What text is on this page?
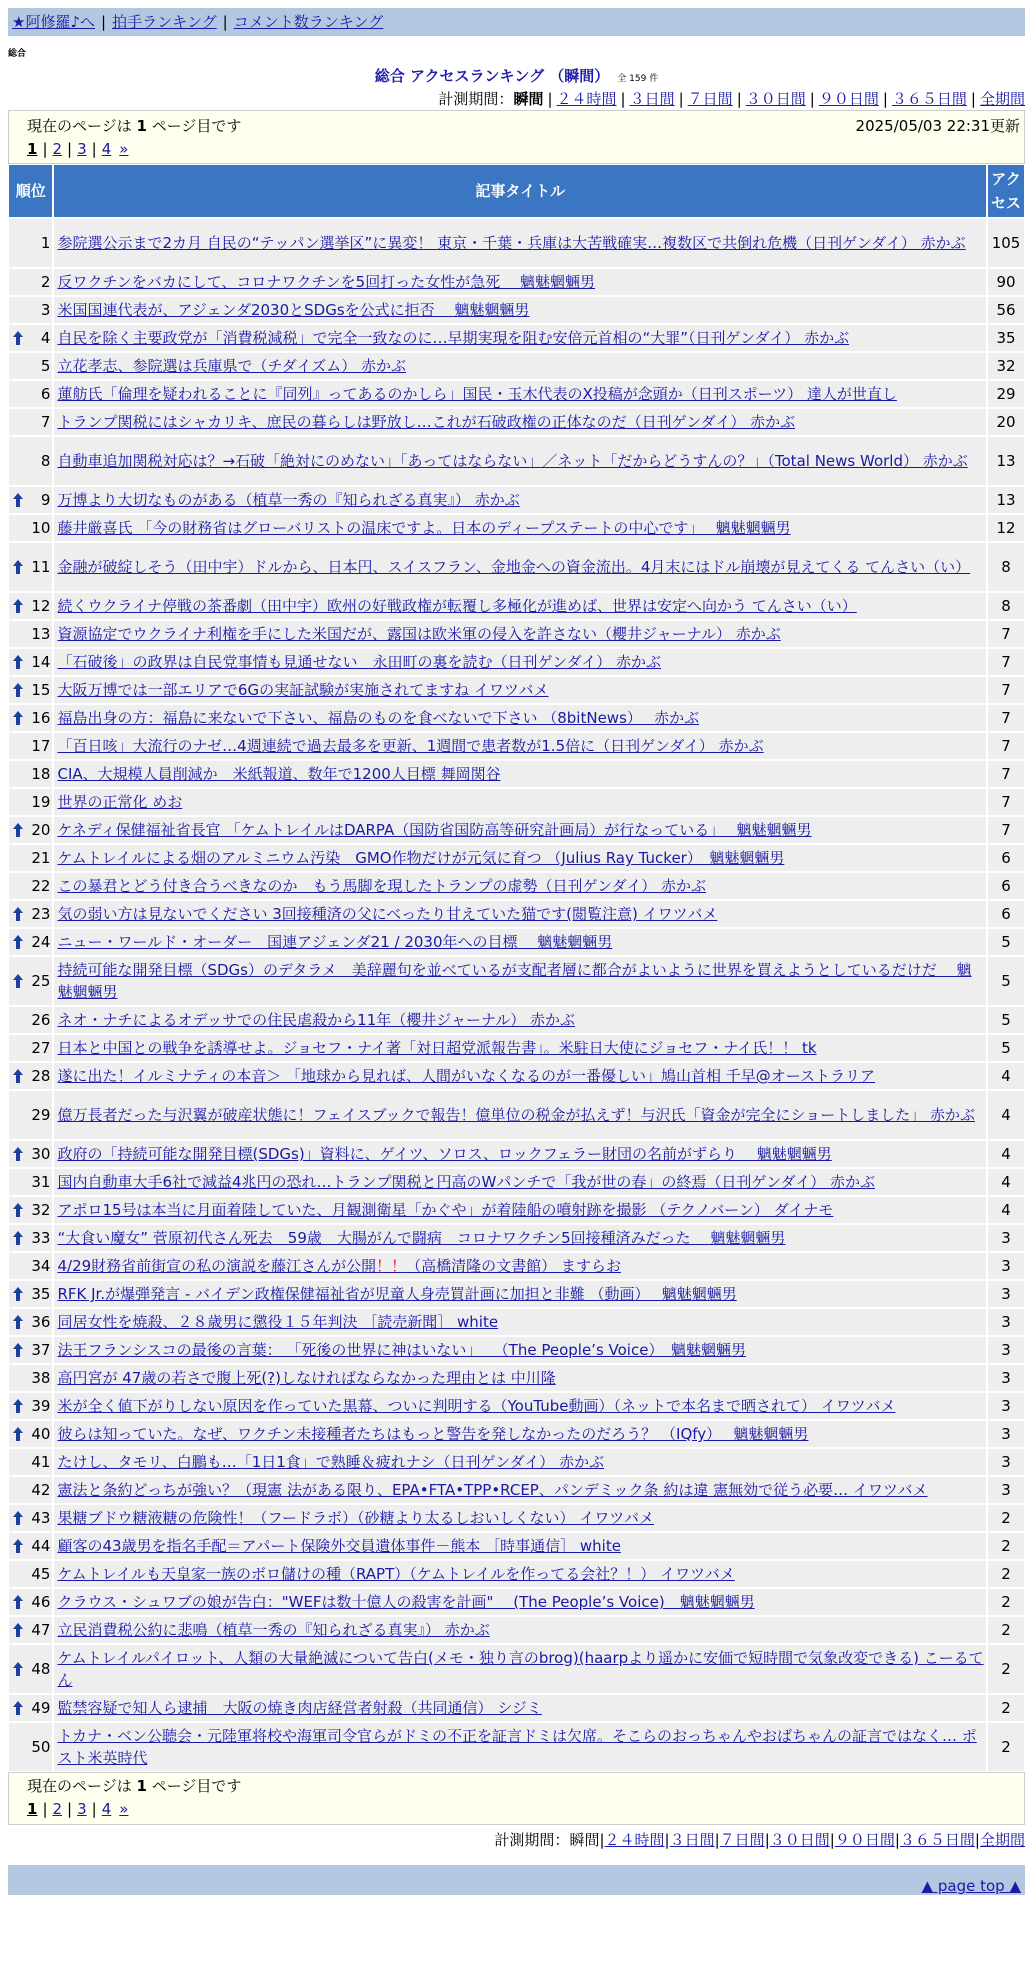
★阿修羅♪へ | 拍手ランキング | コメント数ランキング
総合
総合 アクセスランキング （瞬間） 全 159 件
計測期間：瞬間 | ２４時間 | ３日間 | ７日間 | ３０日間 | ９０日間 | ３６５日間 | 全期間
現在のページは 1 ページ目です	2025/05/03 22:31更新
1 | 2 | 3 | 4 »
順位	記事タイトル	アクセス
1	参院選公示まで2カ月 自民の“テッパン選挙区”に異変！ 東京・千葉・兵庫は大苦戦確実…複数区で共倒れ危機（日刊ゲンダイ） 赤かぶ	105
2	反ワクチンをバカにして、コロナワクチンを5回打った女性が急死　 魑魅魍魎男	90
3	米国国連代表が、アジェンダ2030とSDGsを公式に拒否　 魑魅魍魎男	56

4	自民を除く主要政党が「消費税減税」で完全一致なのに…早期実現を阻む安倍元首相の“大罪”（日刊ゲンダイ） 赤かぶ	35
5	立花孝志、参院選は兵庫県で（チダイズム） 赤かぶ	32
6	蓮舫氏「倫理を疑われることに『同列』ってあるのかしら」国民・玉木代表のX投稿が念頭か（日刊スポーツ） 達人が世直し	29
7	トランプ関税にはシャカリキ、庶民の暮らしは野放し…これが石破政権の正体なのだ（日刊ゲンダイ） 赤かぶ	20
8	自動車追加関税対応は？→石破「絶対にのめない」「あってはならない」／ネット「だからどうすんの？」（Total News World） 赤かぶ	13

9	万博より大切なものがある（植草一秀の『知られざる真実』） 赤かぶ	13
10	藤井厳喜氏 「今の財務省はグローバリストの温床ですよ。日本のディープステートの中心です」　 魑魅魍魎男	12

11	金融が破綻しそう（田中宇）ドルから、日本円、スイスフラン、金地金への資金流出。4月末にはドル崩壊が見えてくる てんさい（い）	8

12	続くウクライナ停戦の茶番劇（田中宇）欧州の好戦政権が転覆し多極化が進めば、世界は安定へ向かう てんさい（い）	8
13	資源協定でウクライナ利権を手にした米国だが、露国は欧米軍の侵入を許さない（櫻井ジャーナル） 赤かぶ	7

14	「石破後」の政界は自民党事情も見通せない　永田町の裏を読む（日刊ゲンダイ） 赤かぶ	7

15	大阪万博では一部エリアで6Gの実証試験が実施されてますね イワツバメ	7

16	福島出身の方：福島に来ないで下さい、福島のものを食べないで下さい （8bitNews）　 赤かぶ	7
17	「百日咳」大流行のナゼ…4週連続で過去最多を更新、1週間で患者数が1.5倍に（日刊ゲンダイ） 赤かぶ	7
18	CIA、大規模人員削減か　米紙報道、数年で1200人目標 舞岡関谷	7
19	世界の正常化 めお	7

20	ケネディ保健福祉省長官 「ケムトレイルはDARPA（国防省国防高等研究計画局）が行なっている」　 魑魅魍魎男	7
21	ケムトレイルによる畑のアルミニウム汚染　GMO作物だけが元気に育つ （Julius Ray Tucker）　魑魅魍魎男	6
22	この暴君とどう付き合うべきなのか　もう馬脚を現したトランプの虚勢（日刊ゲンダイ） 赤かぶ	6

23	気の弱い方は見ないでください 3回接種済の父にべったり甘えていた猫です(閲覧注意) イワツバメ	6

24	ニュー・ワールド・オーダー　国連アジェンダ21 / 2030年への目標　 魑魅魍魎男	5

25	持続可能な開発目標（SDGs）のデタラメ　美辞麗句を並べているが支配者層に都合がよいように世界を買えようとしているだけだ　 魑魅魍魎男	5
26	ネオ・ナチによるオデッサでの住民虐殺から11年（櫻井ジャーナル） 赤かぶ	5
27	日本と中国との戦争を誘導せよ。ジョセフ・ナイ著「対日超党派報告書」。米駐日大使にジョセフ・ナイ氏！！ tk	5

28	遂に出た！イルミナティの本音＞ 「地球から見れば、人間がいなくなるのが一番優しい」鳩山首相 千早@オーストラリア	4
29	億万長者だった与沢翼が破産状態に！フェイスブックで報告！億単位の税金が払えず！与沢氏「資金が完全にショートしました」 赤かぶ	4

30	政府の「持続可能な開発目標(SDGs)」資料に、ゲイツ、ソロス、ロックフェラー財団の名前がずらり　 魑魅魍魎男	4
31	国内自動車大手6社で減益4兆円の恐れ…トランプ関税と円高のWパンチで「我が世の春」の終焉（日刊ゲンダイ） 赤かぶ	4

32	アポロ15号は本当に月面着陸していた、月観測衛星「かぐや」が着陸船の噴射跡を撮影 （テクノバーン） ダイナモ	4

33	“大食い魔女” 菅原初代さん死去　59歳　大腸がんで闘病　コロナワクチン5回接種済みだった　 魑魅魍魎男	3
34	4/29財務省前街宣の私の演説を藤江さんが公開！！（高橋清隆の文書館） ますらお	3

35	RFK Jr.が爆弾発言 - バイデン政権保健福祉省が児童人身売買計画に加担と非難 （動画）　 魑魅魍魎男	3

36	同居女性を焼殺、２８歳男に懲役１５年判決 ［読売新聞］ white	3

37	法王フランシスコの最後の言葉： 「死後の世界に神はいない」　 （The People’s Voice）　魑魅魍魎男	3
38	高円宮が 47歳の若さで腹上死(?)しなければならなかった理由とは 中川隆	3

39	米が全く値下がりしない原因を作っていた黒幕、ついに判明する（YouTube動画）（ネットで本名まで晒されて） イワツバメ	3

40	彼らは知っていた。なぜ、ワクチン未接種者たちはもっと警告を発しなかったのだろう？ （IQfy）　 魑魅魍魎男	3
41	たけし、タモリ、白鵬も…「1日1食」で熟睡＆疲れナシ（日刊ゲンダイ） 赤かぶ	3
42	憲法と条約どっちが強い？（現憲 法がある限り、EPA•FTA•TPP•RCEP、パンデミック条 約は違 憲無効で従う必要… イワツバメ	3

43	果糖ブドウ糖液糖の危険性！（フードラボ）（砂糖より太るしおいしくない） イワツバメ	2

44	顧客の43歳男を指名手配＝アパート保険外交員遺体事件－熊本 ［時事通信］ white	2
45	ケムトレイルも天皇家一族のボロ儲けの種（RAPT）（ケムトレイルを作ってる会社？！） イワツバメ	2

46	クラウス・シュワブの娘が告白："WEFは数十億人の殺害を計画"　 (The People’s Voice)　魑魅魍魎男	2

47	立民消費税公約に悲鳴（植草一秀の『知られざる真実』） 赤かぶ	2

48	ケムトレイルパイロット、人類の大量絶滅について告白(メモ・独り言のbrog)(haarpより遥かに安価で短時間で気象改変できる) こーるてん	2

49	監禁容疑で知人ら逮捕　大阪の焼き肉店経営者射殺（共同通信） シジミ	2
50	トカナ・ベン公聴会・元陸軍将校や海軍司令官らがドミの不正を証言ドミは欠席。そこらのおっちゃんやおばちゃんの証言ではなく… ポスト米英時代	2
現在のページは 1 ページ目です
1 | 2 | 3 | 4 »
計測期間：瞬間|２４時間|３日間|７日間|３０日間|９０日間|３６５日間|全期間
▲ page top ▲
